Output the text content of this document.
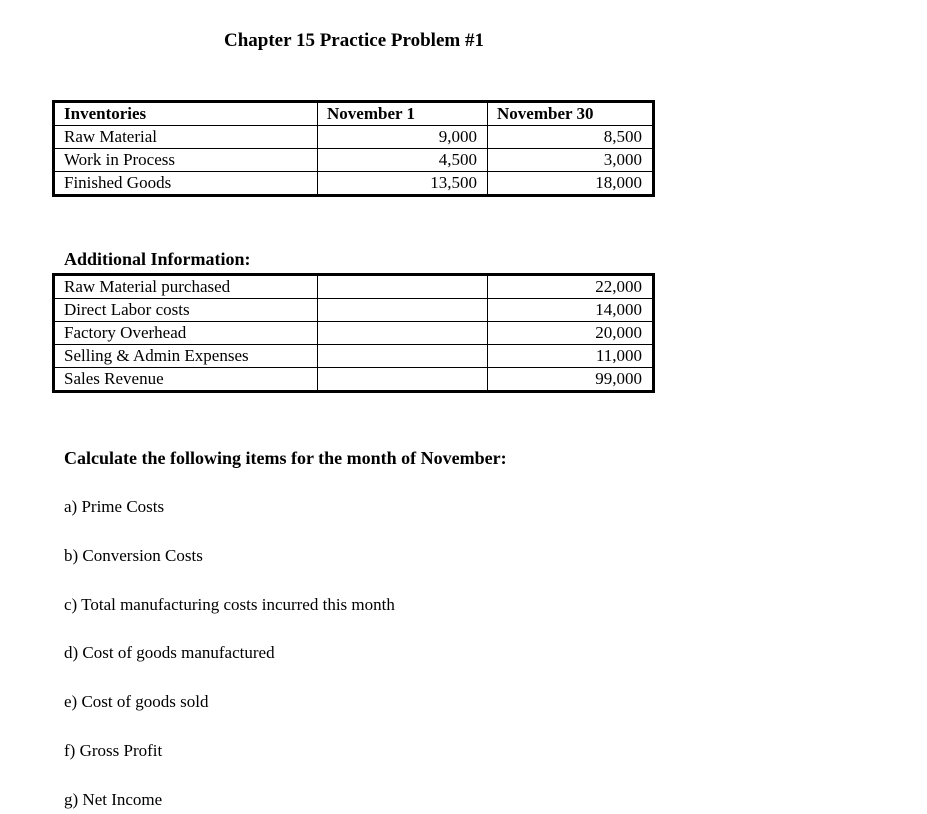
Chapter 15 Practice Problem #1
Inventories	November 1	November 30
Raw Material	9,000	8,500
Work in Process	4,500	3,000
Finished Goods	13,500	18,000
Additional Information:
Raw Material purchased		22,000
Direct Labor costs		14,000
Factory Overhead		20,000
Selling & Admin Expenses		11,000
Sales Revenue		99,000
Calculate the following items for the month of November:
a) Prime Costs
b) Conversion Costs
c) Total manufacturing costs incurred this month
d) Cost of goods manufactured
e) Cost of goods sold
f) Gross Profit
g) Net Income
